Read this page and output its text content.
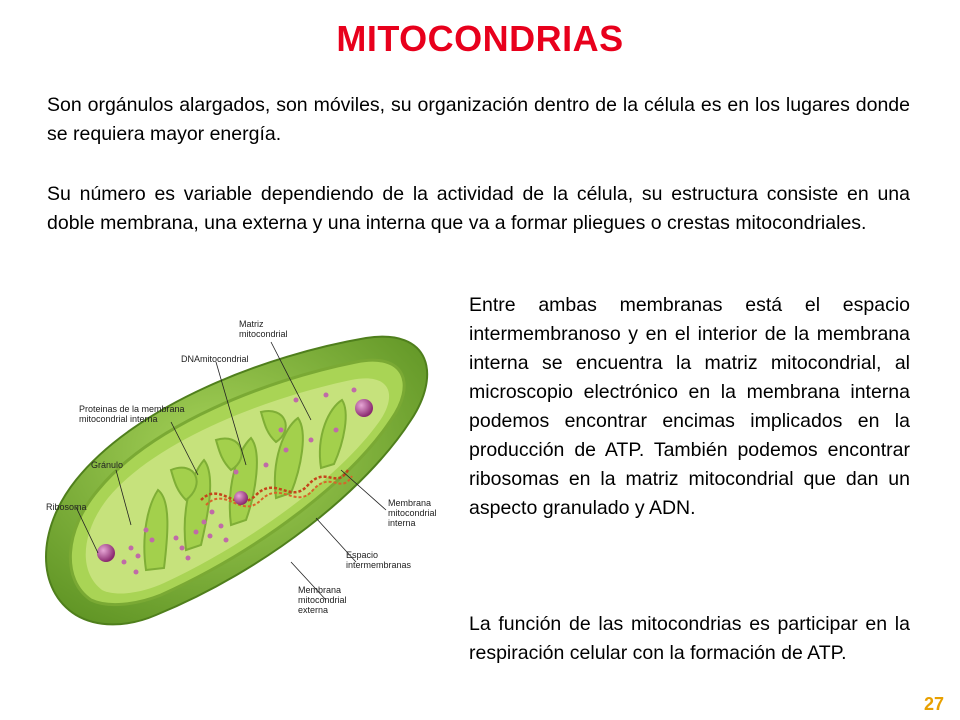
MITOCONDRIAS

Son orgánulos alargados, son móviles, su organización dentro de la célula es en los lugares donde se requiera mayor energía.

Su número es variable dependiendo de la actividad de la célula, su estructura consiste en una doble membrana, una externa y una interna que va a formar pliegues o crestas mitocondriales.

Matriz
mitocondrial
DNAmitocondrial
Proteinas de la membrana
mitocondrial interna
Gránulo
Ribosoma	Membrana
mitocondrial
interna
Espacio
intermembranas
Membrana
mitocondrial
externa

Entre ambas membranas está el espacio intermembranoso y en el interior de la membrana interna se encuentra la matriz mitocondrial, al microscopio electrónico en la membrana interna podemos encontrar encimas implicados en la producción de ATP. También podemos encontrar ribosomas en la matriz mitocondrial que dan un aspecto granulado y ADN.

La función de las mitocondrias es participar en la respiración celular con la formación de ATP.

27
